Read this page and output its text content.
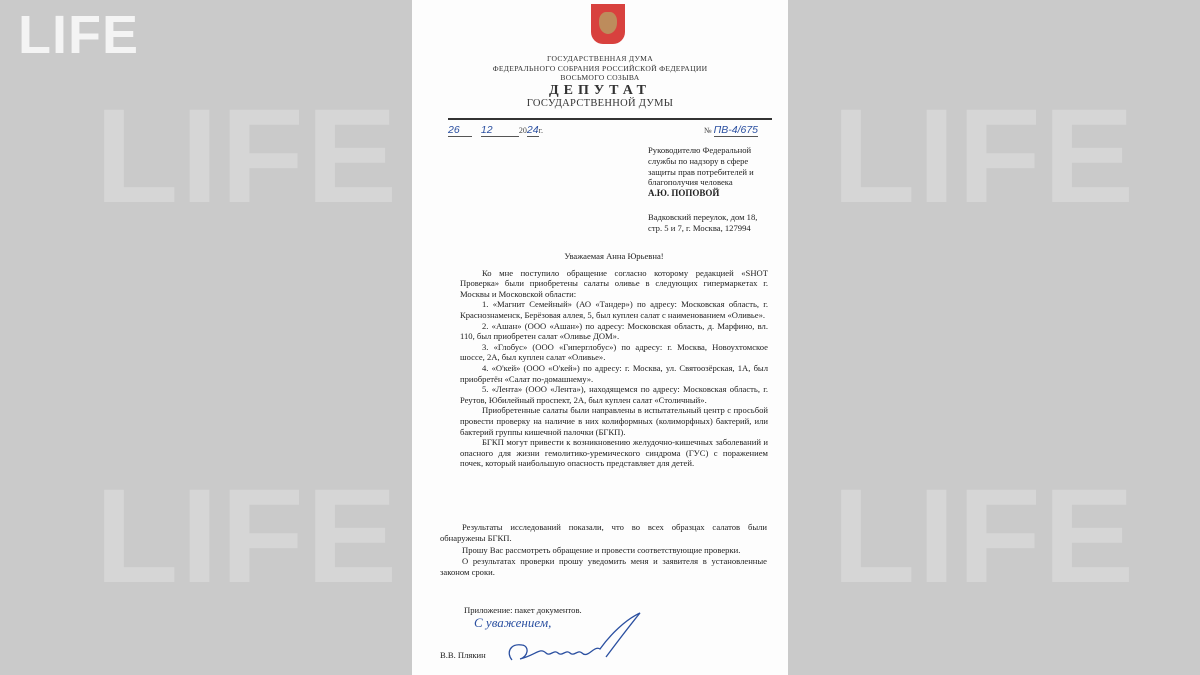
LIFE
LIFE	LIFE
LIFE	LIFE
ГОСУДАРСТВЕННАЯ ДУМА
ФЕДЕРАЛЬНОГО СОБРАНИЯ РОССИЙСКОЙ ФЕДЕРАЦИИ
ВОСЬМОГО СОЗЫВА
ДЕПУТАТ
ГОСУДАРСТВЕННОЙ ДУМЫ
26 12	2024г.	№ ПВ-4/675
Руководителю Федеральной
службы по надзору в сфере
защиты прав потребителей и
благополучия человека
А.Ю. ПОПОВОЙ
Вадковский переулок, дом 18,
стр. 5 и 7, г. Москва, 127994
Уважаемая Анна Юрьевна!

Ко мне поступило обращение согласно которому редакцией «SHOT Проверка» были приобретены салаты оливье в следующих гипермаркетах г. Москвы и Московской области:

1. «Магнит Семейный» (АО «Тандер») по адресу: Московская область, г. Краснознаменск, Берёзовая аллея, 5, был куплен салат с наименованием «Оливье».

2. «Ашан» (ООО «Ашан») по адресу: Московская область, д. Марфино, вл. 110, был приобретен салат «Оливье ДОМ».

3. «Глобус» (ООО «Гиперглобус») по адресу: г. Москва, Новоухтомское шоссе, 2А, был куплен салат «Оливье».

4. «О'кей» (ООО «О'кей») по адресу: г. Москва, ул. Святоозёрская, 1А, был приобретён «Салат по-домашнему».

5. «Лента» (ООО «Лента»), находящемся по адресу: Московская область, г. Реутов, Юбилейный проспект, 2А, был куплен салат «Столичный».

Приобретенные салаты были направлены в испытательный центр с просьбой провести проверку на наличие в них колиформных (колиморфных) бактерий, или бактерий группы кишечной палочки (БГКП).

БГКП могут привести к возникновению желудочно-кишечных заболеваний и опасного для жизни гемолитико-уремического синдрома (ГУС) с поражением почек, который наибольшую опасность представляет для детей.

Результаты исследований показали, что во всех образцах салатов были обнаружены БГКП.

Прошу Вас рассмотреть обращение и провести соответствующие проверки.

О результатах проверки прошу уведомить меня и заявителя в установленные законом сроки.

Приложение: пакет документов.
С уважением,
В.В. Плякин
